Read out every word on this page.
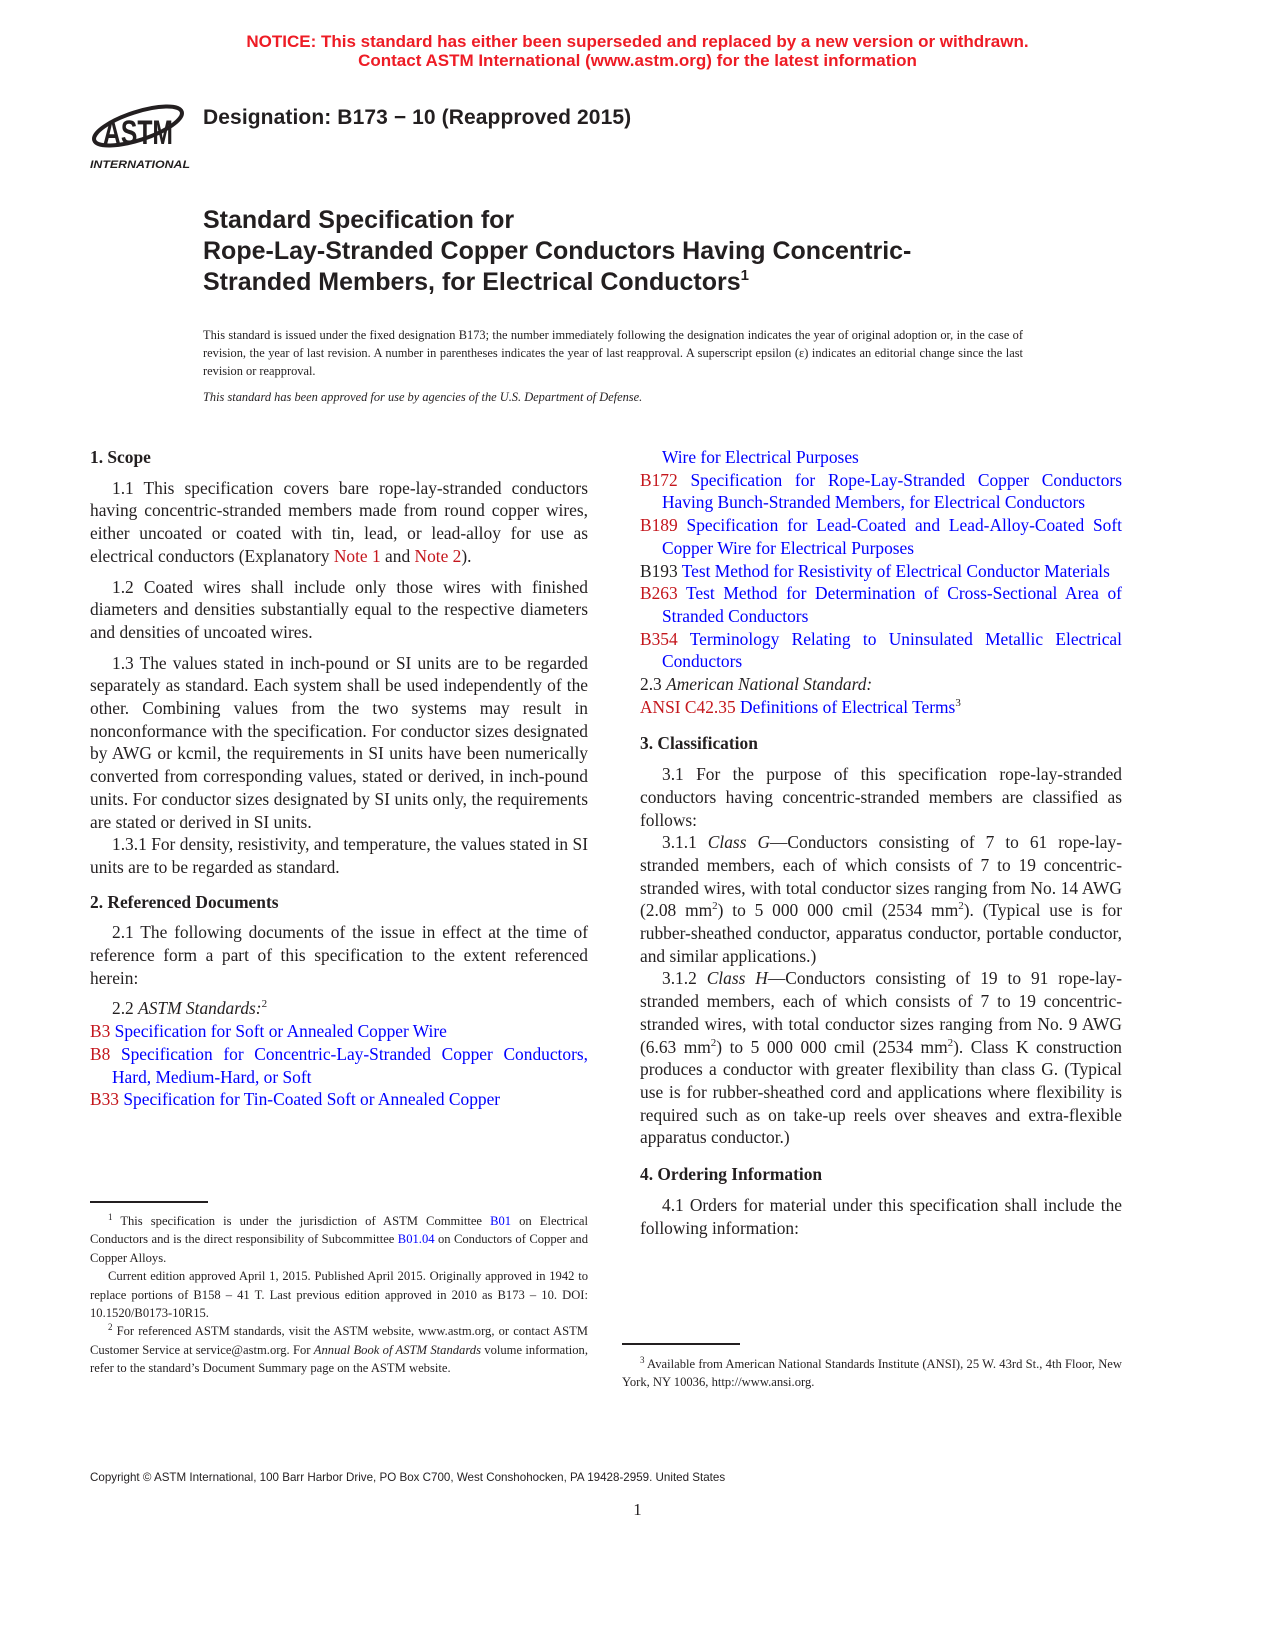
NOTICE: This standard has either been superseded and replaced by a new version or withdrawn.
Contact ASTM International (www.astm.org) for the latest information
ASTM
INTERNATIONAL
Designation: B173 − 10 (Reapproved 2015)
Standard Specification for
Rope-Lay-Stranded Copper Conductors Having Concentric-
Stranded Members, for Electrical Conductors$^1$
This standard is issued under the fixed designation B173; the number immediately following the designation indicates the year of original adoption or, in the case of revision, the year of last revision. A number in parentheses indicates the year of last reapproval. A superscript epsilon (ε) indicates an editorial change since the last revision or reapproval.
This standard has been approved for use by agencies of the U.S. Department of Defense.
1. Scope

1.1 This specification covers bare rope-lay-stranded conductors having concentric-stranded members made from round copper wires, either uncoated or coated with tin, lead, or lead-alloy for use as electrical conductors (Explanatory Note 1 and Note 2).

1.2 Coated wires shall include only those wires with finished diameters and densities substantially equal to the respective diameters and densities of uncoated wires.

1.3 The values stated in inch-pound or SI units are to be regarded separately as standard. Each system shall be used independently of the other. Combining values from the two systems may result in nonconformance with the specification. For conductor sizes designated by AWG or kcmil, the requirements in SI units have been numerically converted from corresponding values, stated or derived, in inch-pound units. For conductor sizes designated by SI units only, the requirements are stated or derived in SI units.

1.3.1 For density, resistivity, and temperature, the values stated in SI units are to be regarded as standard.

2. Referenced Documents

2.1 The following documents of the issue in effect at the time of reference form a part of this specification to the extent referenced herein:

2.2 ASTM Standards:$^2$

B3 Specification for Soft or Annealed Copper Wire

B8 Specification for Concentric-Lay-Stranded Copper Conductors, Hard, Medium-Hard, or Soft

B33 Specification for Tin-Coated Soft or Annealed Copper

Wire for Electrical Purposes

B172 Specification for Rope-Lay-Stranded Copper Conductors Having Bunch-Stranded Members, for Electrical Conductors

B189 Specification for Lead-Coated and Lead-Alloy-Coated Soft Copper Wire for Electrical Purposes

B193 Test Method for Resistivity of Electrical Conductor Materials

B263 Test Method for Determination of Cross-Sectional Area of Stranded Conductors

B354 Terminology Relating to Uninsulated Metallic Electrical Conductors

2.3 American National Standard:

ANSI C42.35 Definitions of Electrical Terms$^3$

3. Classification

3.1 For the purpose of this specification rope-lay-stranded conductors having concentric-stranded members are classified as follows:

3.1.1 Class G—Conductors consisting of 7 to 61 rope-lay-stranded members, each of which consists of 7 to 19 concentric-stranded wires, with total conductor sizes ranging from No. 14 AWG (2.08 $mm^2$) to 5 000 000 cmil (2534 $mm^2$). (Typical use is for rubber-sheathed conductor, apparatus conductor, portable conductor, and similar applications.)

3.1.2 Class H—Conductors consisting of 19 to 91 rope-lay-stranded members, each of which consists of 7 to 19 concentric-stranded wires, with total conductor sizes ranging from No. 9 AWG (6.63 $mm^2$) to 5 000 000 cmil (2534 $mm^2$). Class K construction produces a conductor with greater flexibility than class G. (Typical use is for rubber-sheathed cord and applications where flexibility is required such as on take-up reels over sheaves and extra-flexible apparatus conductor.)

4. Ordering Information

4.1 Orders for material under this specification shall include the following information:

$^1$ This specification is under the jurisdiction of ASTM Committee B01 on Electrical Conductors and is the direct responsibility of Subcommittee B01.04 on Conductors of Copper and Copper Alloys.

Current edition approved April 1, 2015. Published April 2015. Originally approved in 1942 to replace portions of B158 – 41 T. Last previous edition approved in 2010 as B173 – 10. DOI: 10.1520/B0173-10R15.

$^2$ For referenced ASTM standards, visit the ASTM website, www.astm.org, or contact ASTM Customer Service at service@astm.org. For Annual Book of ASTM Standards volume information, refer to the standard’s Document Summary page on the ASTM website.

$^3$ Available from American National Standards Institute (ANSI), 25 W. 43rd St., 4th Floor, New York, NY 10036, http://www.ansi.org.

Copyright © ASTM International, 100 Barr Harbor Drive, PO Box C700, West Conshohocken, PA 19428-2959. United States
1
